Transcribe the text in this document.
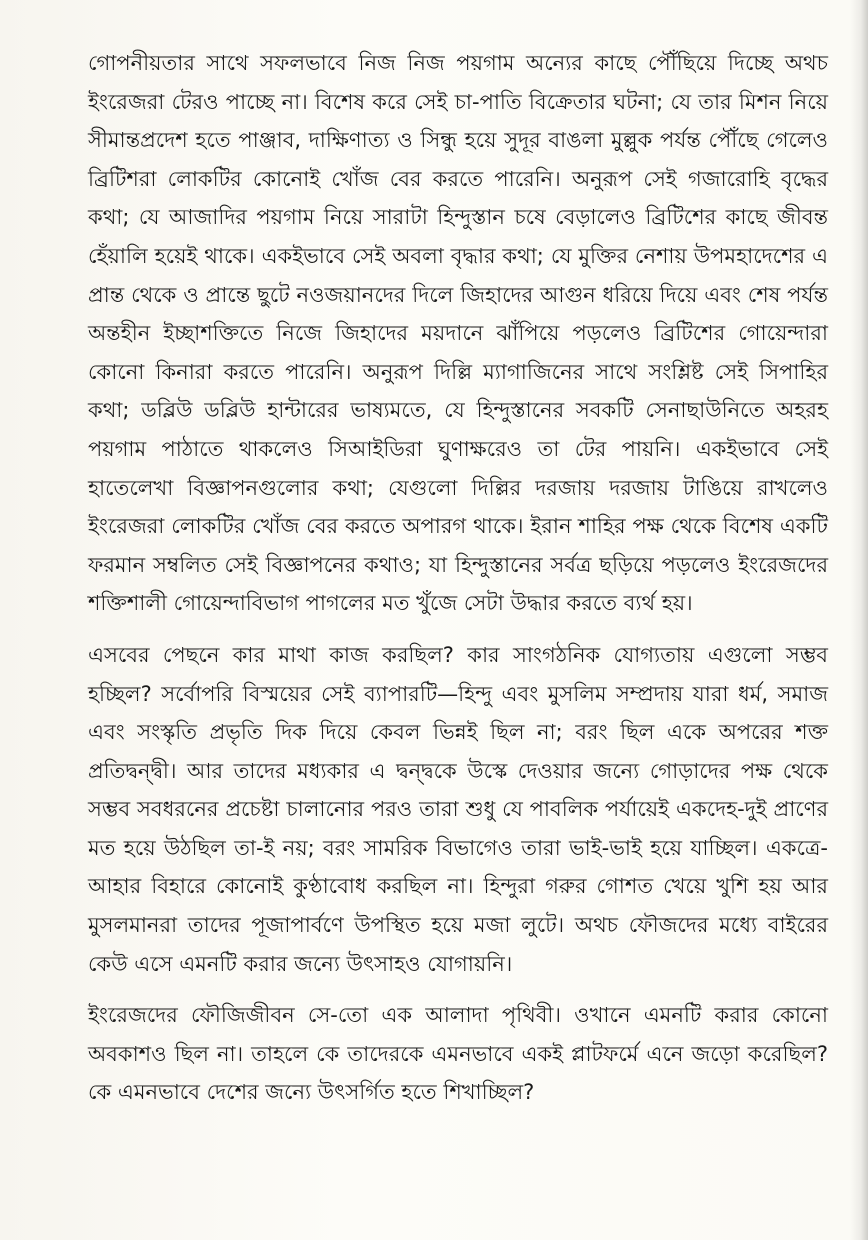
গোপনীয়তার সাথে সফলভাবে নিজ নিজ পয়গাম অন্যের কাছে পৌঁছিয়ে দিচ্ছে অথচ ইংরেজরা টেরও পাচ্ছে না। বিশেষ করে সেই চা-পাতি বিক্রেতার ঘটনা; যে তার মিশন নিয়ে সীমান্তপ্রদেশ হতে পাঞ্জাব, দাক্ষিণাত্য ও সিন্ধু হয়ে সুদূর বাঙলা মুল্লুক পর্যন্ত পৌঁছে গেলেও ব্রিটিশরা লোকটির কোনোই খোঁজ বের করতে পারেনি। অনুরূপ সেই গজারোহি বৃদ্ধের কথা; যে আজাদির পয়গাম নিয়ে সারাটা হিন্দুস্তান চষে বেড়ালেও ব্রিটিশের কাছে জীবন্ত হেঁয়ালি হয়েই থাকে। একইভাবে সেই অবলা বৃদ্ধার কথা; যে মুক্তির নেশায় উপমহাদেশের এ প্রান্ত থেকে ও প্রান্তে ছুটে নওজয়ানদের দিলে জিহাদের আগুন ধরিয়ে দিয়ে এবং শেষ পর্যন্ত অন্তহীন ইচ্ছাশক্তিতে নিজে জিহাদের ময়দানে ঝাঁপিয়ে পড়লেও ব্রিটিশের গোয়েন্দারা কোনো কিনারা করতে পারেনি। অনুরূপ দিল্লি ম্যাগাজিনের সাথে সংশ্লিষ্ট সেই সিপাহির কথা; ডব্লিউ ডব্লিউ হান্টারের ভাষ্যমতে, যে হিন্দুস্তানের সবকটি সেনাছাউনিতে অহরহ পয়গাম পাঠাতে থাকলেও সিআইডিরা ঘুণাক্ষরেও তা টের পায়নি। একইভাবে সেই হাতেলেখা বিজ্ঞাপনগুলোর কথা; যেগুলো দিল্লির দরজায় দরজায় টাঙিয়ে রাখলেও ইংরেজরা লোকটির খোঁজ বের করতে অপারগ থাকে। ইরান শাহির পক্ষ থেকে বিশেষ একটি ফরমান সম্বলিত সেই বিজ্ঞাপনের কথাও; যা হিন্দুস্তানের সর্বত্র ছড়িয়ে পড়লেও ইংরেজদের শক্তিশালী গোয়েন্দাবিভাগ পাগলের মত খুঁজে সেটা উদ্ধার করতে ব্যর্থ হয়।

এসবের পেছনে কার মাথা কাজ করছিল? কার সাংগঠনিক যোগ্যতায় এগুলো সম্ভব হচ্ছিল? সর্বোপরি বিস্ময়ের সেই ব্যাপারটি—হিন্দু এবং মুসলিম সম্প্রদায় যারা ধর্ম, সমাজ এবং সংস্কৃতি প্রভৃতি দিক দিয়ে কেবল ভিন্নই ছিল না; বরং ছিল একে অপরের শক্ত প্রতিদ্বন্দ্বী। আর তাদের মধ্যকার এ দ্বন্দ্বকে উস্কে দেওয়ার জন্যে গোড়াদের পক্ষ থেকে সম্ভব সবধরনের প্রচেষ্টা চালানোর পরও তারা শুধু যে পাবলিক পর্যায়েই একদেহ-দুই প্রাণের মত হয়ে উঠছিল তা-ই নয়; বরং সামরিক বিভাগেও তারা ভাই-ভাই হয়ে যাচ্ছিল। একত্রে-আহার বিহারে কোনোই কুণ্ঠাবোধ করছিল না। হিন্দুরা গরুর গোশত খেয়ে খুশি হয় আর মুসলমানরা তাদের পূজাপার্বণে উপস্থিত হয়ে মজা লুটে। অথচ ফৌজদের মধ্যে বাইরের কেউ এসে এমনটি করার জন্যে উৎসাহও যোগায়নি।

ইংরেজদের ফৌজিজীবন সে-তো এক আলাদা পৃথিবী। ওখানে এমনটি করার কোনো অবকাশও ছিল না। তাহলে কে তাদেরকে এমনভাবে একই প্লাটফর্মে এনে জড়ো করেছিল? কে এমনভাবে দেশের জন্যে উৎসর্গিত হতে শিখাচ্ছিল?
